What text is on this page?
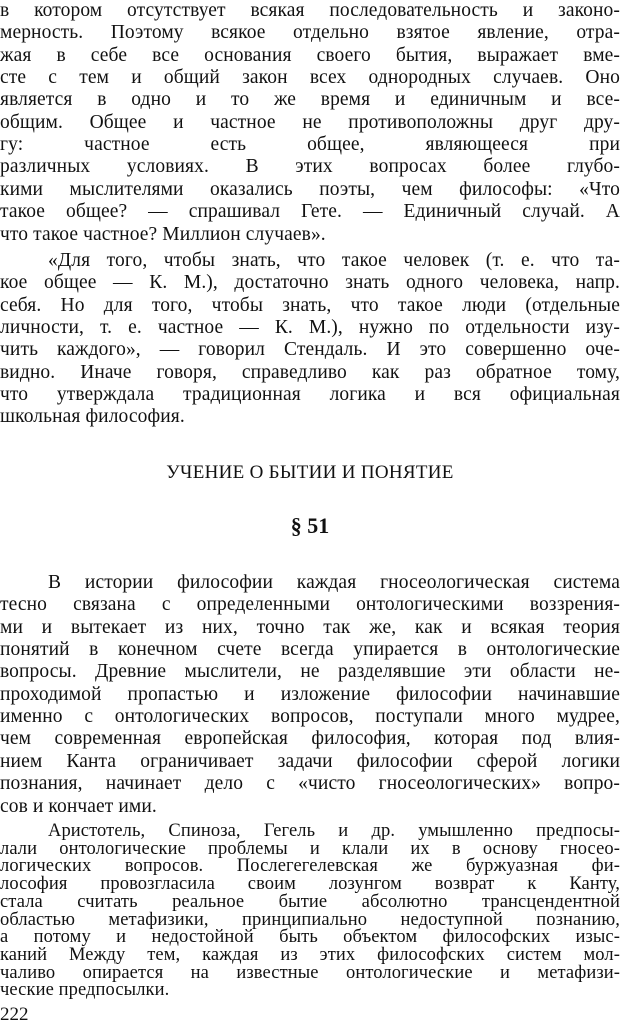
в котором отсутствует всякая последовательность и законо-
мерность. Поэтому всякое отдельно взятое явление, отра-
жая в себе все основания своего бытия, выражает вме-
сте с тем и общий закон всех однородных случаев. Оно
является в одно и то же время и единичным и все-
общим. Общее и частное не противоположны друг дру-
гу: частное есть общее, являющееся при
различных условиях. В этих вопросах более глубо-
кими мыслителями оказались поэты, чем философы: «Что
такое общее? — спрашивал Гете. — Единичный случай. А
что такое частное? Миллион случаев».
«Для того, чтобы знать, что такое человек (т. е. что та-
кое общее — К. М.), достаточно знать одного человека, напр.
себя. Но для того, чтобы знать, что такое люди (отдельные
личности, т. е. частное — К. М.), нужно по отдельности изу-
чить каждого», — говорил Стендаль. И это совершенно оче-
видно. Иначе говоря, справедливо как раз обратное тому,
что утверждала традиционная логика и вся официальная
школьная философия.
УЧЕНИЕ О БЫТИИ И ПОНЯТИЕ
§ 51
В истории философии каждая гносеологическая система
тесно связана с определенными онтологическими воззрения-
ми и вытекает из них, точно так же, как и всякая теория
понятий в конечном счете всегда упирается в онтологические
вопросы. Древние мыслители, не разделявшие эти области не-
проходимой пропастью и изложение философии начинавшие
именно с онтологических вопросов, поступали много мудрее,
чем современная европейская философия, которая под влия-
нием Канта ограничивает задачи философии сферой логики
познания, начинает дело с «чисто гносеологических» вопро-
сов и кончает ими.
Аристотель, Спиноза, Гегель и др. умышленно предпосы-
лали онтологические проблемы и клали их в основу гносео-
логических вопросов. Послегегелевская же буржуазная фи-
лософия провозгласила своим лозунгом возврат к Канту,
стала считать реальное бытие абсолютно трансцендентной
областью метафизики, принципиально недоступной познанию,
а потому и недостойной быть объектом философских изыс-
каний Между тем, каждая из этих философских систем мол-
чаливо опирается на известные онтологические и метафизи-
ческие предпосылки.
222
